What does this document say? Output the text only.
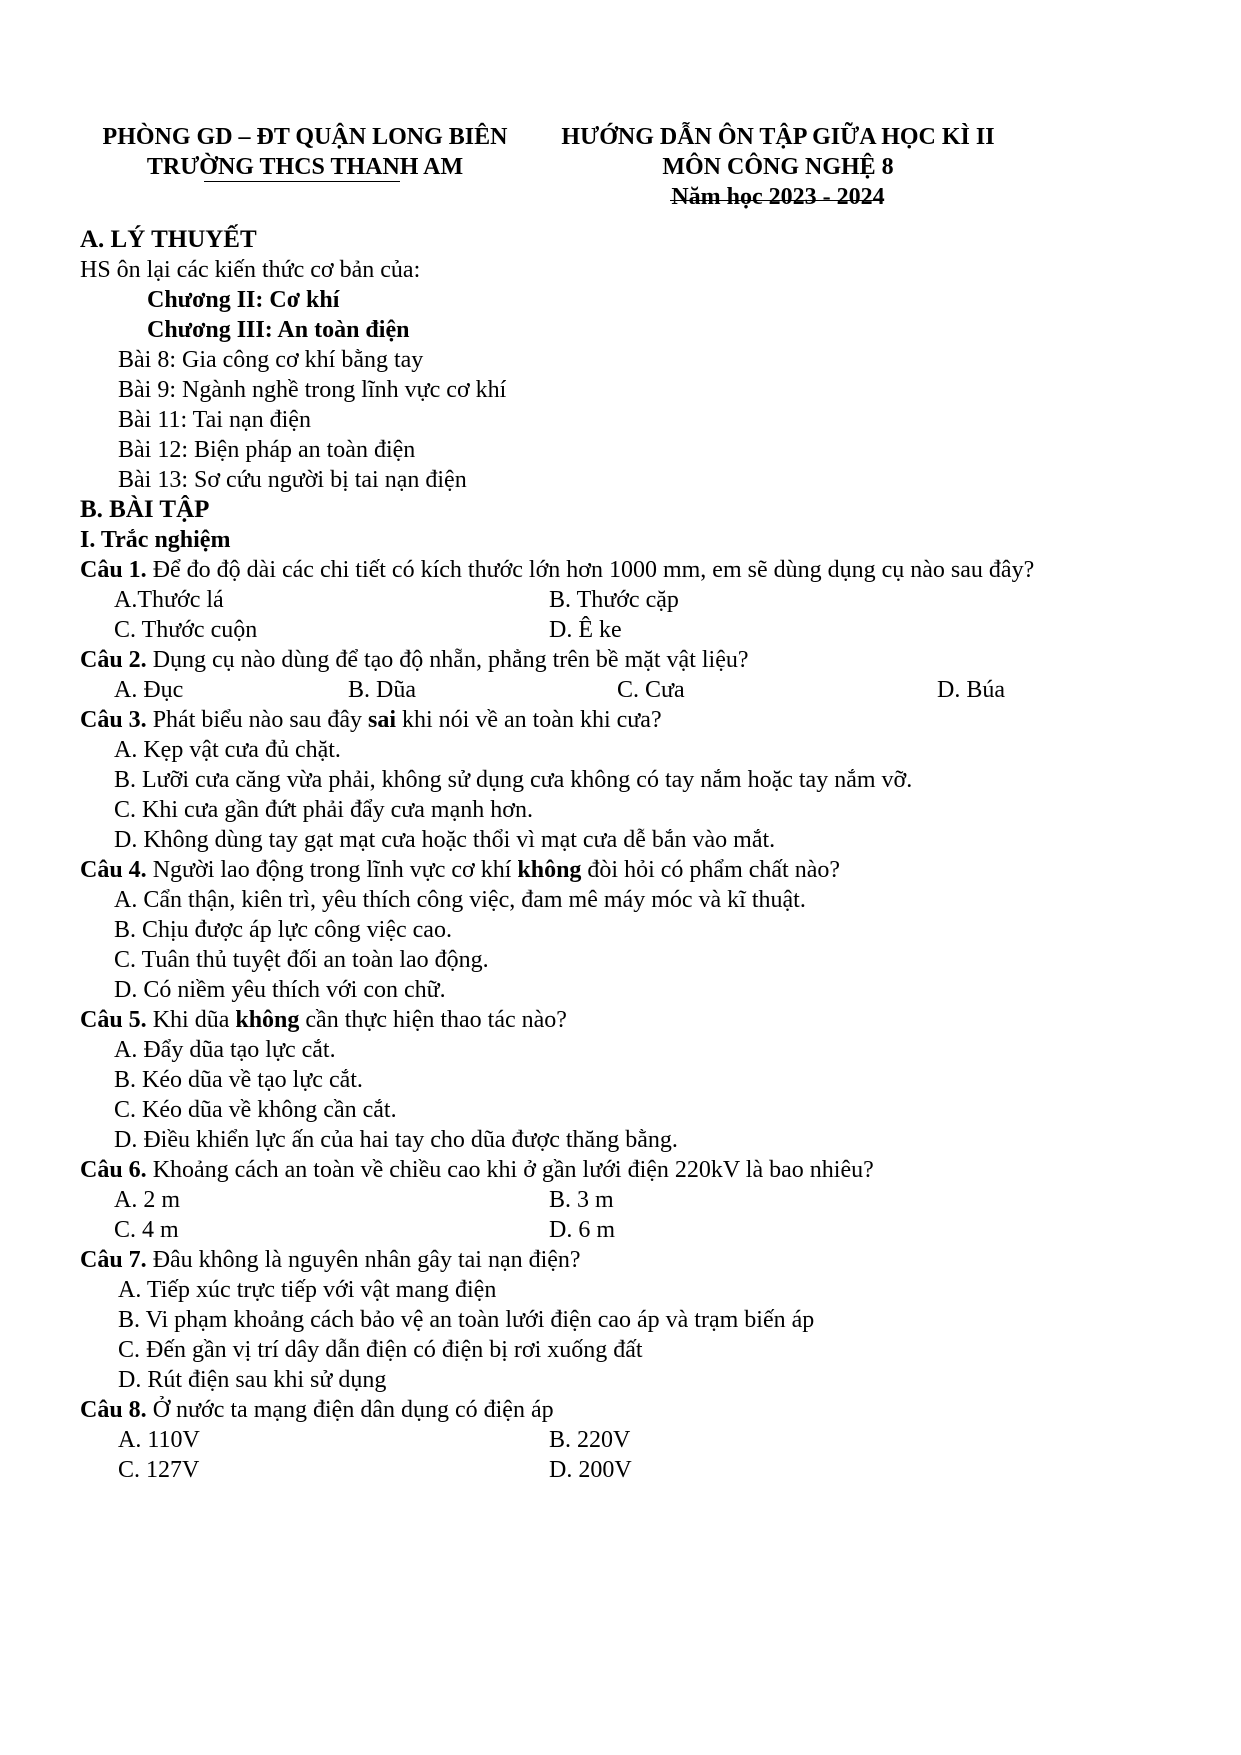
PHÒNG GD – ĐT QUẬN LONG BIÊN
TRƯỜNG THCS THANH AM
HƯỚNG DẪN ÔN TẬP GIỮA HỌC KÌ II
MÔN CÔNG NGHỆ 8
Năm học 2023 - 2024
A. LÝ THUYẾT
HS ôn lại các kiến thức cơ bản của:
Chương II: Cơ khí
Chương III: An toàn điện
Bài 8: Gia công cơ khí bằng tay
Bài 9: Ngành nghề trong lĩnh vực cơ khí
Bài 11: Tai nạn điện
Bài 12: Biện pháp an toàn điện
Bài 13: Sơ cứu người bị tai nạn điện
B. BÀI TẬP
I. Trắc nghiệm
Câu 1. Để đo độ dài các chi tiết có kích thước lớn hơn 1000 mm, em sẽ dùng dụng cụ nào sau đây?
A.Thước lá	B. Thước cặp
C. Thước cuộn	D. Ê ke
Câu 2. Dụng cụ nào dùng để tạo độ nhẵn, phẳng trên bề mặt vật liệu?
A. Đục	B. Dũa	C. Cưa	D. Búa
Câu 3. Phát biểu nào sau đây sai khi nói về an toàn khi cưa?
A. Kẹp vật cưa đủ chặt.
B. Lưỡi cưa căng vừa phải, không sử dụng cưa không có tay nắm hoặc tay nắm vỡ.
C. Khi cưa gần đứt phải đẩy cưa mạnh hơn.
D. Không dùng tay gạt mạt cưa hoặc thổi vì mạt cưa dễ bắn vào mắt.
Câu 4. Người lao động trong lĩnh vực cơ khí không đòi hỏi có phẩm chất nào?
A. Cẩn thận, kiên trì, yêu thích công việc, đam mê máy móc và kĩ thuật.
B. Chịu được áp lực công việc cao.
C. Tuân thủ tuyệt đối an toàn lao động.
D. Có niềm yêu thích với con chữ.
Câu 5. Khi dũa không cần thực hiện thao tác nào?
A. Đẩy dũa tạo lực cắt.
B. Kéo dũa về tạo lực cắt.
C. Kéo dũa về không cần cắt.
D. Điều khiển lực ấn của hai tay cho dũa được thăng bằng.
Câu 6. Khoảng cách an toàn về chiều cao khi ở gần lưới điện 220kV là bao nhiêu?
A. 2 m	B. 3 m
C. 4 m	D. 6 m
Câu 7. Đâu không là nguyên nhân gây tai nạn điện?
A. Tiếp xúc trực tiếp với vật mang điện
B. Vi phạm khoảng cách bảo vệ an toàn lưới điện cao áp và trạm biến áp
C. Đến gần vị trí dây dẫn điện có điện bị rơi xuống đất
D. Rút điện sau khi sử dụng
Câu 8. Ở nước ta mạng điện dân dụng có điện áp
A. 110V	B. 220V
C. 127V	D. 200V
